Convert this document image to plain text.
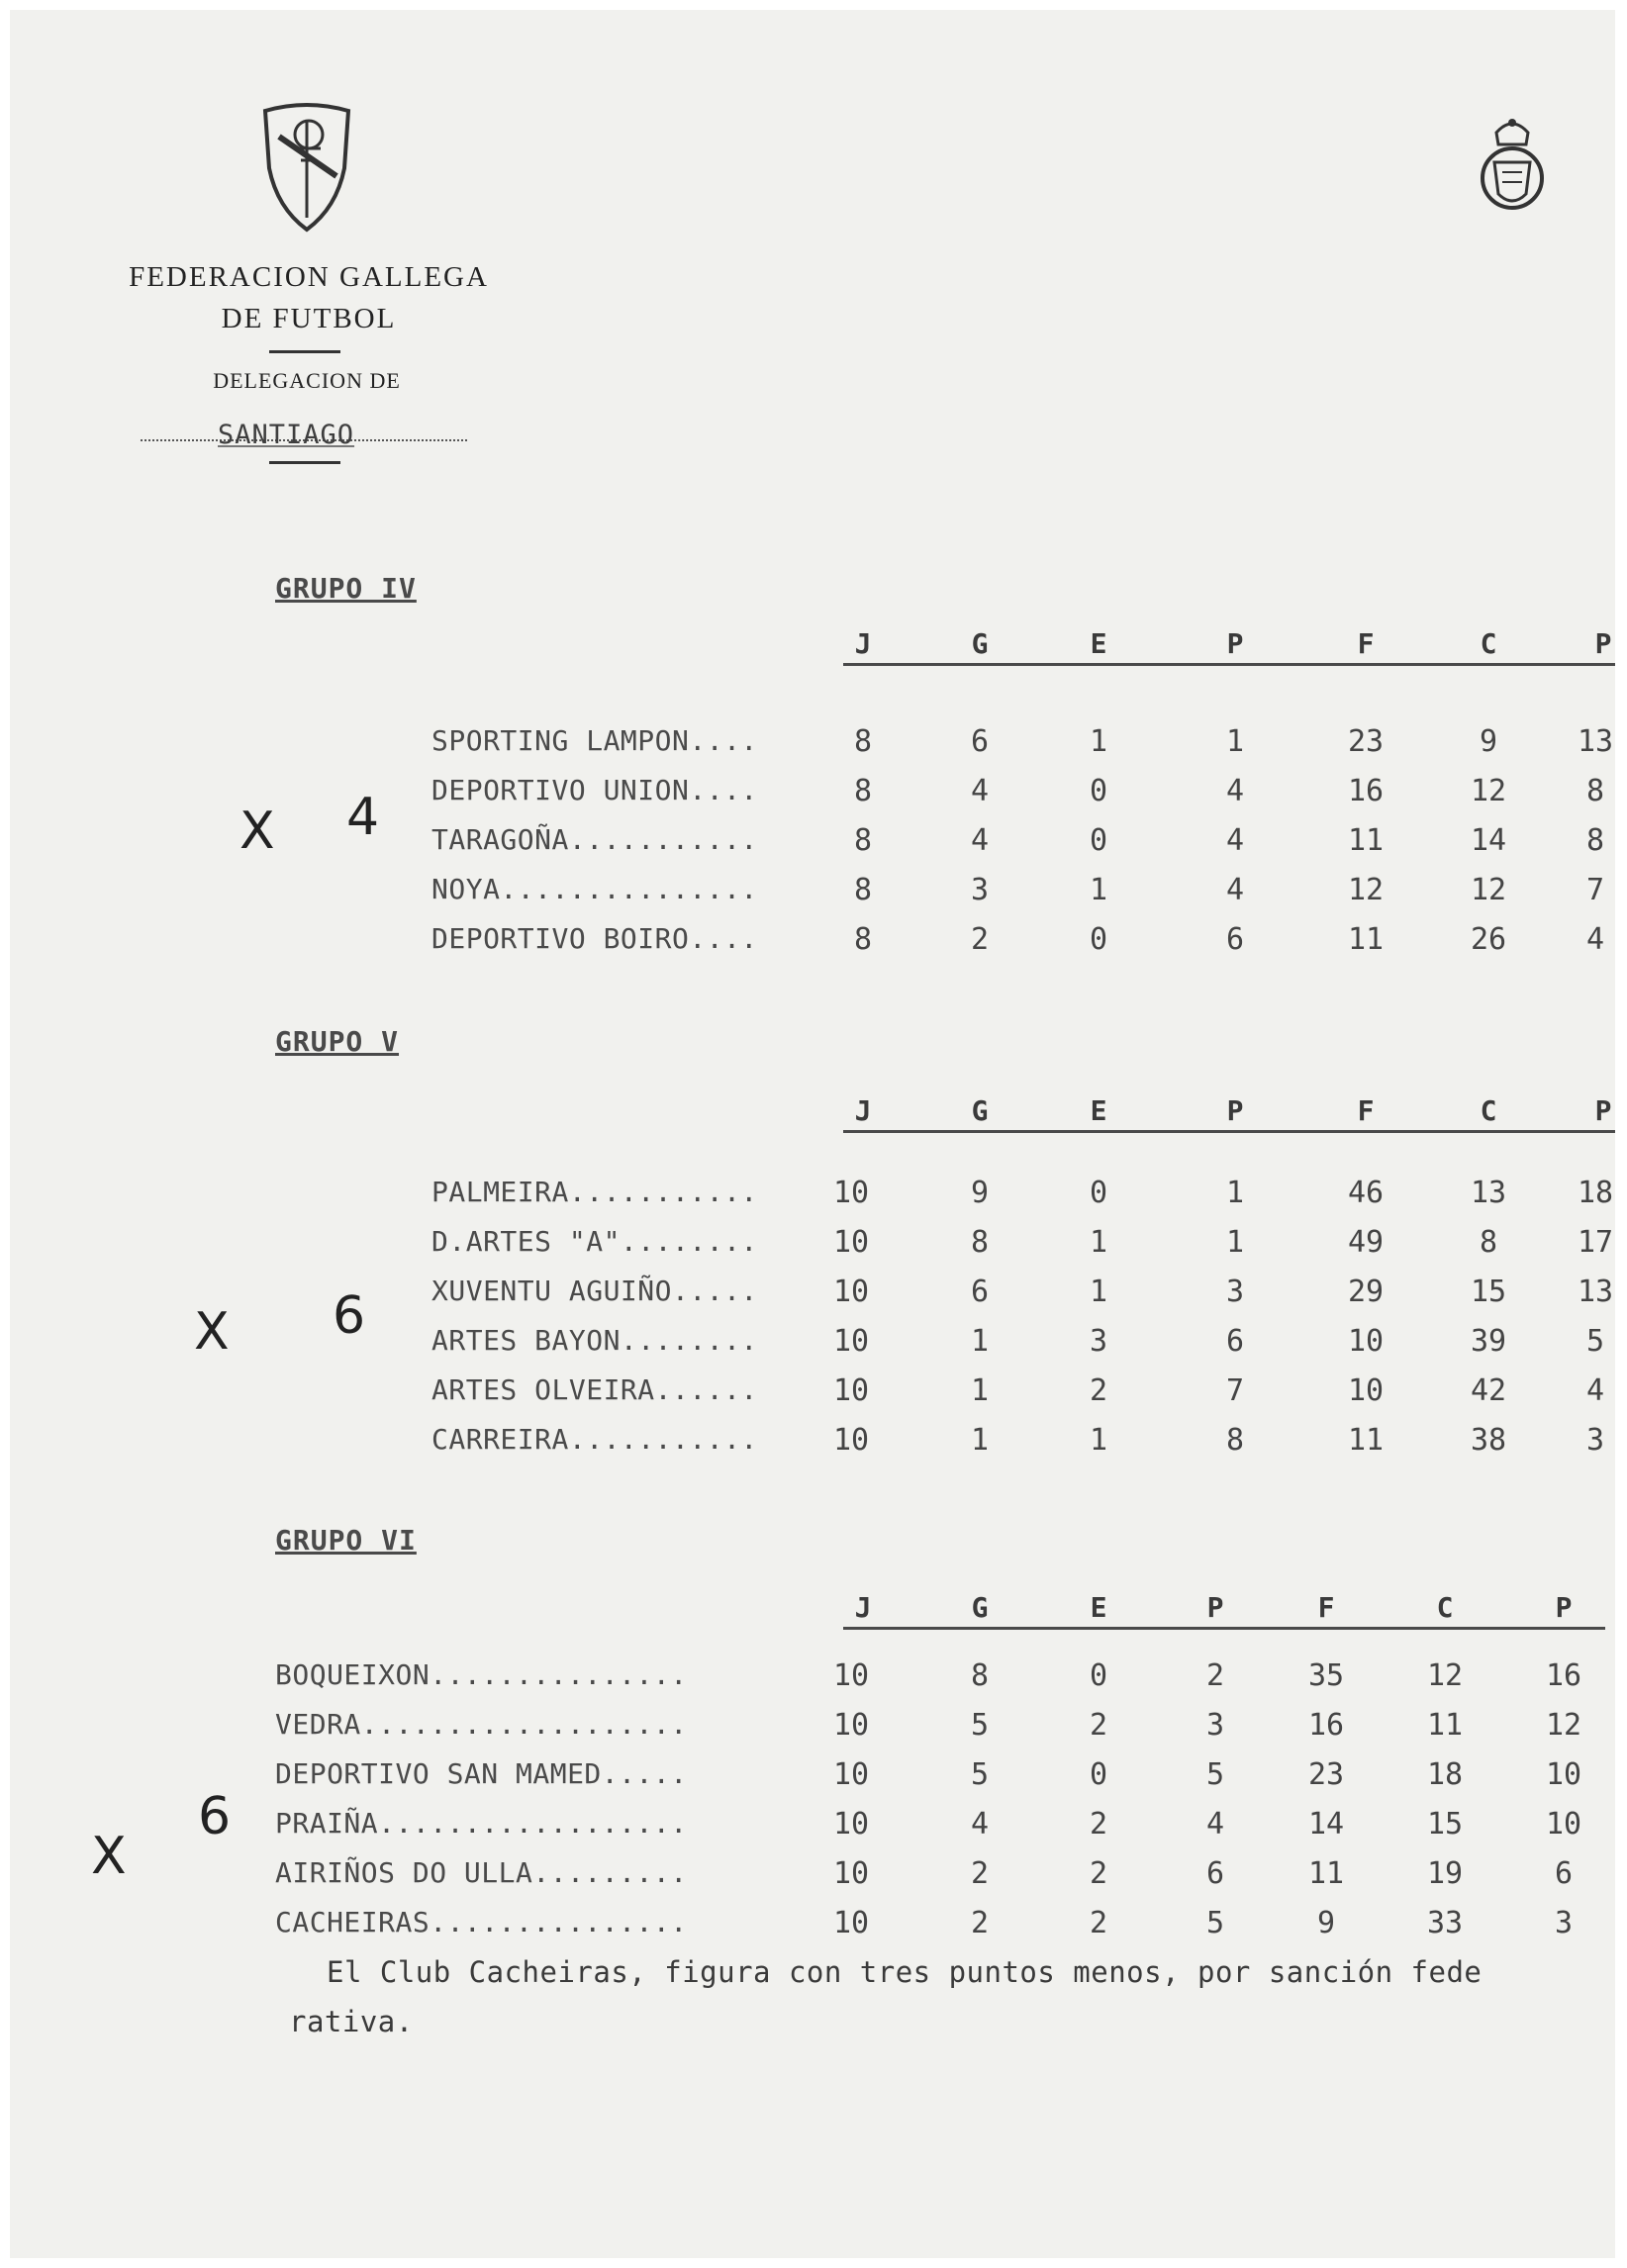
FEDERACION GALLEGA
DE FUTBOL
DELEGACION DE
SANTIAGO
GRUPO IV
J	G	E	P	F	C	P
SPORTING LAMPON....	8	6	1	1	23	9	13
DEPORTIVO UNION....	8	4	0	4	16	12	8
TARAGOÑA...........	8	4	0	4	11	14	8
NOYA...............	8	3	1	4	12	12	7
DEPORTIVO BOIRO....	8	2	0	6	11	26	4
X 4
GRUPO V
J	G	E	P	F	C	P
PALMEIRA...........	10	9	0	1	46	13	18
D.ARTES "A"........	10	8	1	1	49	8	17
XUVENTU AGUIÑO.....	10	6	1	3	29	15	13
ARTES BAYON........	10	1	3	6	10	39	5
ARTES OLVEIRA......	10	1	2	7	10	42	4
CARREIRA...........	10	1	1	8	11	38	3
X 6
GRUPO VI
J	G	E	P	F	C	P
BOQUEIXON...............	10	8	0	2	35	12	16
VEDRA...................	10	5	2	3	16	11	12
DEPORTIVO SAN MAMED.....	10	5	0	5	23	18	10
PRAIÑA..................	10	4	2	4	14	15	10
AIRIÑOS DO ULLA.........	10	2	2	6	11	19	6
CACHEIRAS...............	10	2	2	5	9	33	3
X
6
El Club Cacheiras, figura con tres puntos menos, por sanción fede
rativa.
